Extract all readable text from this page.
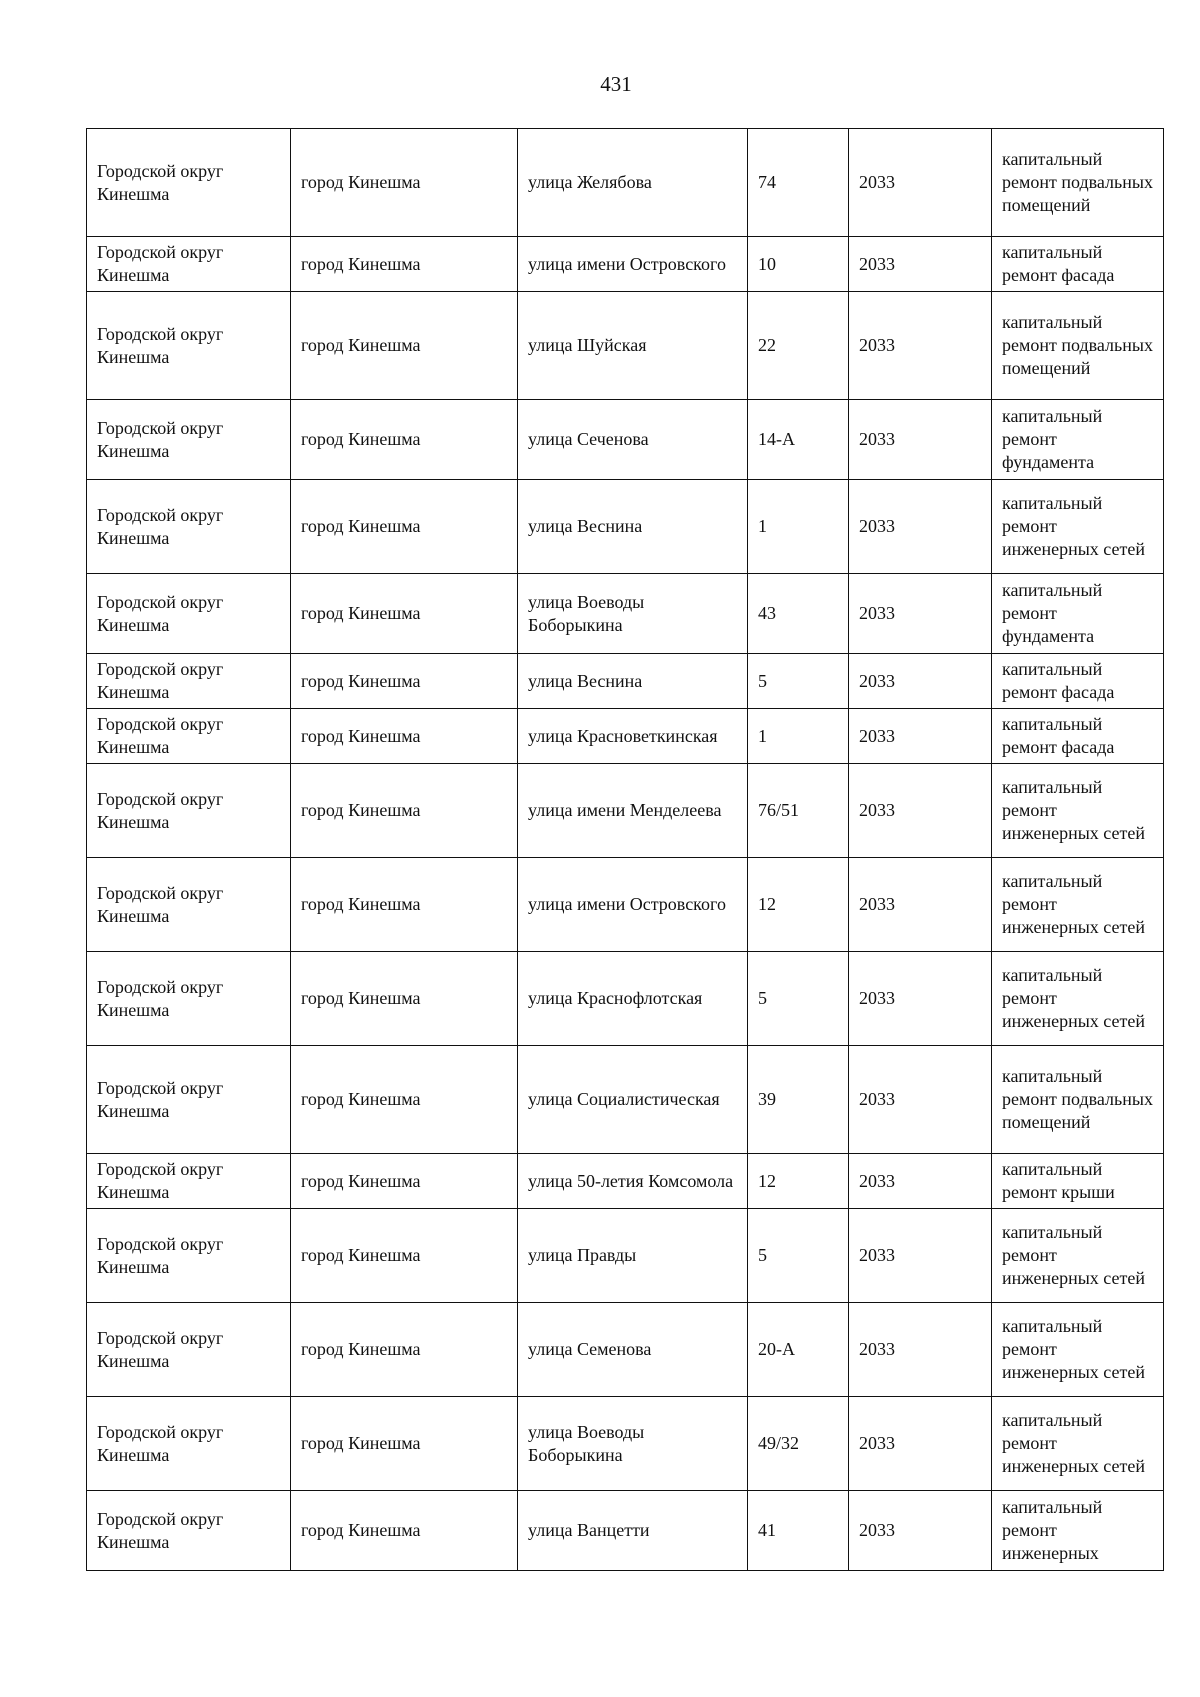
431
Городской округ Кинешма	город Кинешма	улица Желябова	74	2033	капитальный ремонт подвальных помещений
Городской округ Кинешма	город Кинешма	улица имени Островского	10	2033	капитальный ремонт фасада
Городской округ Кинешма	город Кинешма	улица Шуйская	22	2033	капитальный ремонт подвальных помещений
Городской округ Кинешма	город Кинешма	улица Сеченова	14-А	2033	капитальный ремонт фундамента
Городской округ Кинешма	город Кинешма	улица Веснина	1	2033	капитальный ремонт инженерных сетей
Городской округ Кинешма	город Кинешма	улица Воеводы Боборыкина	43	2033	капитальный ремонт фундамента
Городской округ Кинешма	город Кинешма	улица Веснина	5	2033	капитальный ремонт фасада
Городской округ Кинешма	город Кинешма	улица Красноветкинская	1	2033	капитальный ремонт фасада
Городской округ Кинешма	город Кинешма	улица имени Менделеева	76/51	2033	капитальный ремонт инженерных сетей
Городской округ Кинешма	город Кинешма	улица имени Островского	12	2033	капитальный ремонт инженерных сетей
Городской округ Кинешма	город Кинешма	улица Краснофлотская	5	2033	капитальный ремонт инженерных сетей
Городской округ Кинешма	город Кинешма	улица Социалистическая	39	2033	капитальный ремонт подвальных помещений
Городской округ Кинешма	город Кинешма	улица 50-летия Комсомола	12	2033	капитальный ремонт крыши
Городской округ Кинешма	город Кинешма	улица Правды	5	2033	капитальный ремонт инженерных сетей
Городской округ Кинешма	город Кинешма	улица Семенова	20-А	2033	капитальный ремонт инженерных сетей
Городской округ Кинешма	город Кинешма	улица Воеводы Боборыкина	49/32	2033	капитальный ремонт инженерных сетей
Городской округ Кинешма	город Кинешма	улица Ванцетти	41	2033	капитальный ремонт инженерных
